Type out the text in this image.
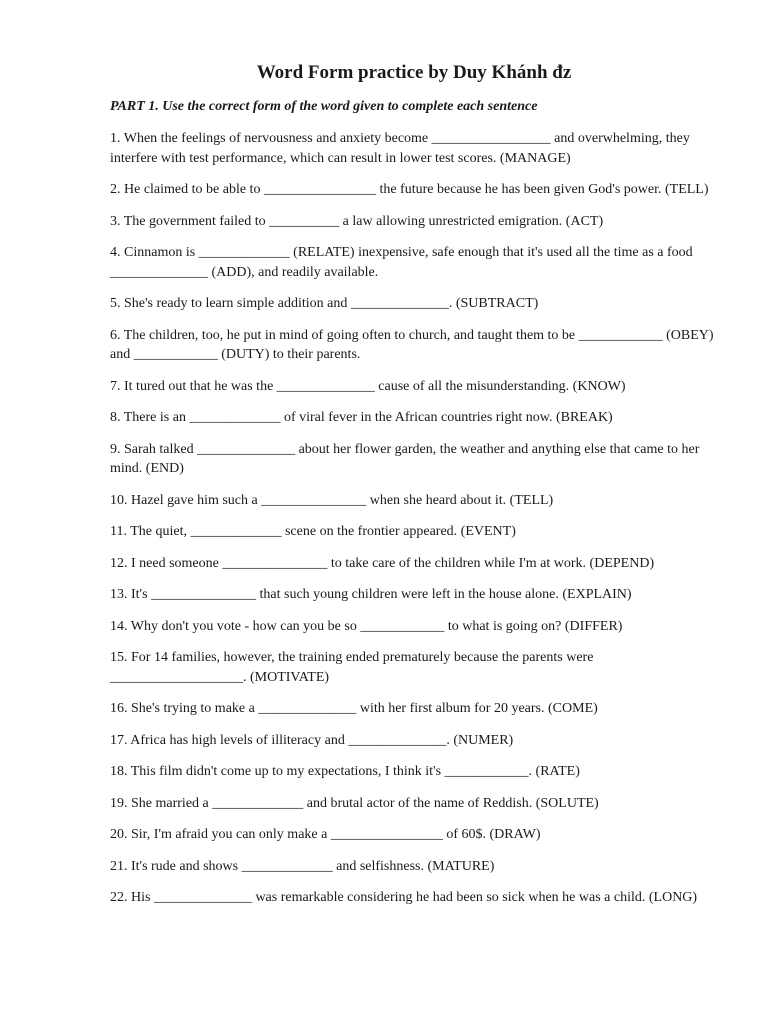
Word Form practice by Duy Khánh đz

PART 1. Use the correct form of the word given to complete each sentence

1. When the feelings of nervousness and anxiety become _________________ and overwhelming, they interfere with test performance, which can result in lower test scores. (MANAGE)
2. He claimed to be able to ________________ the future because he has been given God's power. (TELL)
3. The government failed to __________ a law allowing unrestricted emigration. (ACT)
4. Cinnamon is _____________ (RELATE) inexpensive, safe enough that it's used all the time as a food ______________ (ADD), and readily available.
5. She's ready to learn simple addition and ______________. (SUBTRACT)
6. The children, too, he put in mind of going often to church, and taught them to be ____________ (OBEY) and ____________ (DUTY) to their parents.
7. It tured out that he was the ______________ cause of all the misunderstanding. (KNOW)
8. There is an _____________ of viral fever in the African countries right now. (BREAK)
9. Sarah talked ______________ about her flower garden, the weather and anything else that came to her mind. (END)
10. Hazel gave him such a _______________ when she heard about it. (TELL)
11. The quiet, _____________ scene on the frontier appeared. (EVENT)
12. I need someone _______________ to take care of the children while I'm at work. (DEPEND)
13. It's _______________ that such young children were left in the house alone. (EXPLAIN)
14. Why don't you vote - how can you be so ____________ to what is going on? (DIFFER)
15. For 14 families, however, the training ended prematurely because the parents were ___________________. (MOTIVATE)
16. She's trying to make a ______________ with her first album for 20 years. (COME)
17. Africa has high levels of illiteracy and ______________. (NUMER)
18. This film didn't come up to my expectations, I think it's ____________. (RATE)
19. She married a _____________ and brutal actor of the name of Reddish. (SOLUTE)
20. Sir, I'm afraid you can only make a ________________ of 60$. (DRAW)
21. It's rude and shows _____________ and selfishness. (MATURE)
22. His ______________ was remarkable considering he had been so sick when he was a child. (LONG)
